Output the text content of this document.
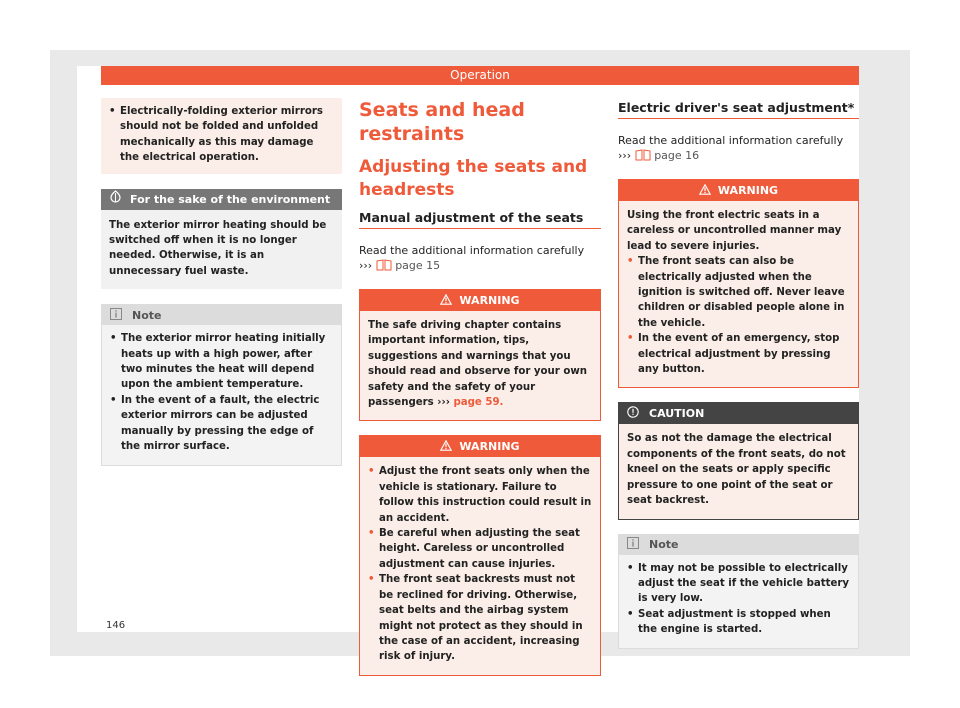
Operation
• Electrically-folding exterior mirrors should not be folded and unfolded mechanically as this may damage the electrical operation.
For the sake of the environment
The exterior mirror heating should be switched off when it is no longer needed. Otherwise, it is an unnecessary fuel waste.
Note
• The exterior mirror heating initially heats up with a high power, after two minutes the heat will depend upon the ambient temperature.
• In the event of a fault, the electric exterior mirrors can be adjusted manually by pressing the edge of the mirror surface.
Seats and head restraints
Adjusting the seats and headrests
Manual adjustment of the seats
Read the additional information carefully
››› page 15
WARNING
The safe driving chapter contains important information, tips, suggestions and warnings that you should read and observe for your own safety and the safety of your passengers ››› page 59.
WARNING
• Adjust the front seats only when the vehicle is stationary. Failure to follow this instruction could result in an accident.
• Be careful when adjusting the seat height. Careless or uncontrolled adjustment can cause injuries.
• The front seat backrests must not be reclined for driving. Otherwise, seat belts and the airbag system might not protect as they should in the case of an accident, increasing risk of injury.
Electric driver's seat adjustment*
Read the additional information carefully
››› page 16
WARNING
Using the front electric seats in a careless or uncontrolled manner may lead to severe injuries.
• The front seats can also be electrically adjusted when the ignition is switched off. Never leave children or disabled people alone in the vehicle.
• In the event of an emergency, stop electrical adjustment by pressing any button.
CAUTION
So as not the damage the electrical components of the front seats, do not kneel on the seats or apply specific pressure to one point of the seat or seat backrest.
Note
• It may not be possible to electrically adjust the seat if the vehicle battery is very low.
• Seat adjustment is stopped when the engine is started.
146
